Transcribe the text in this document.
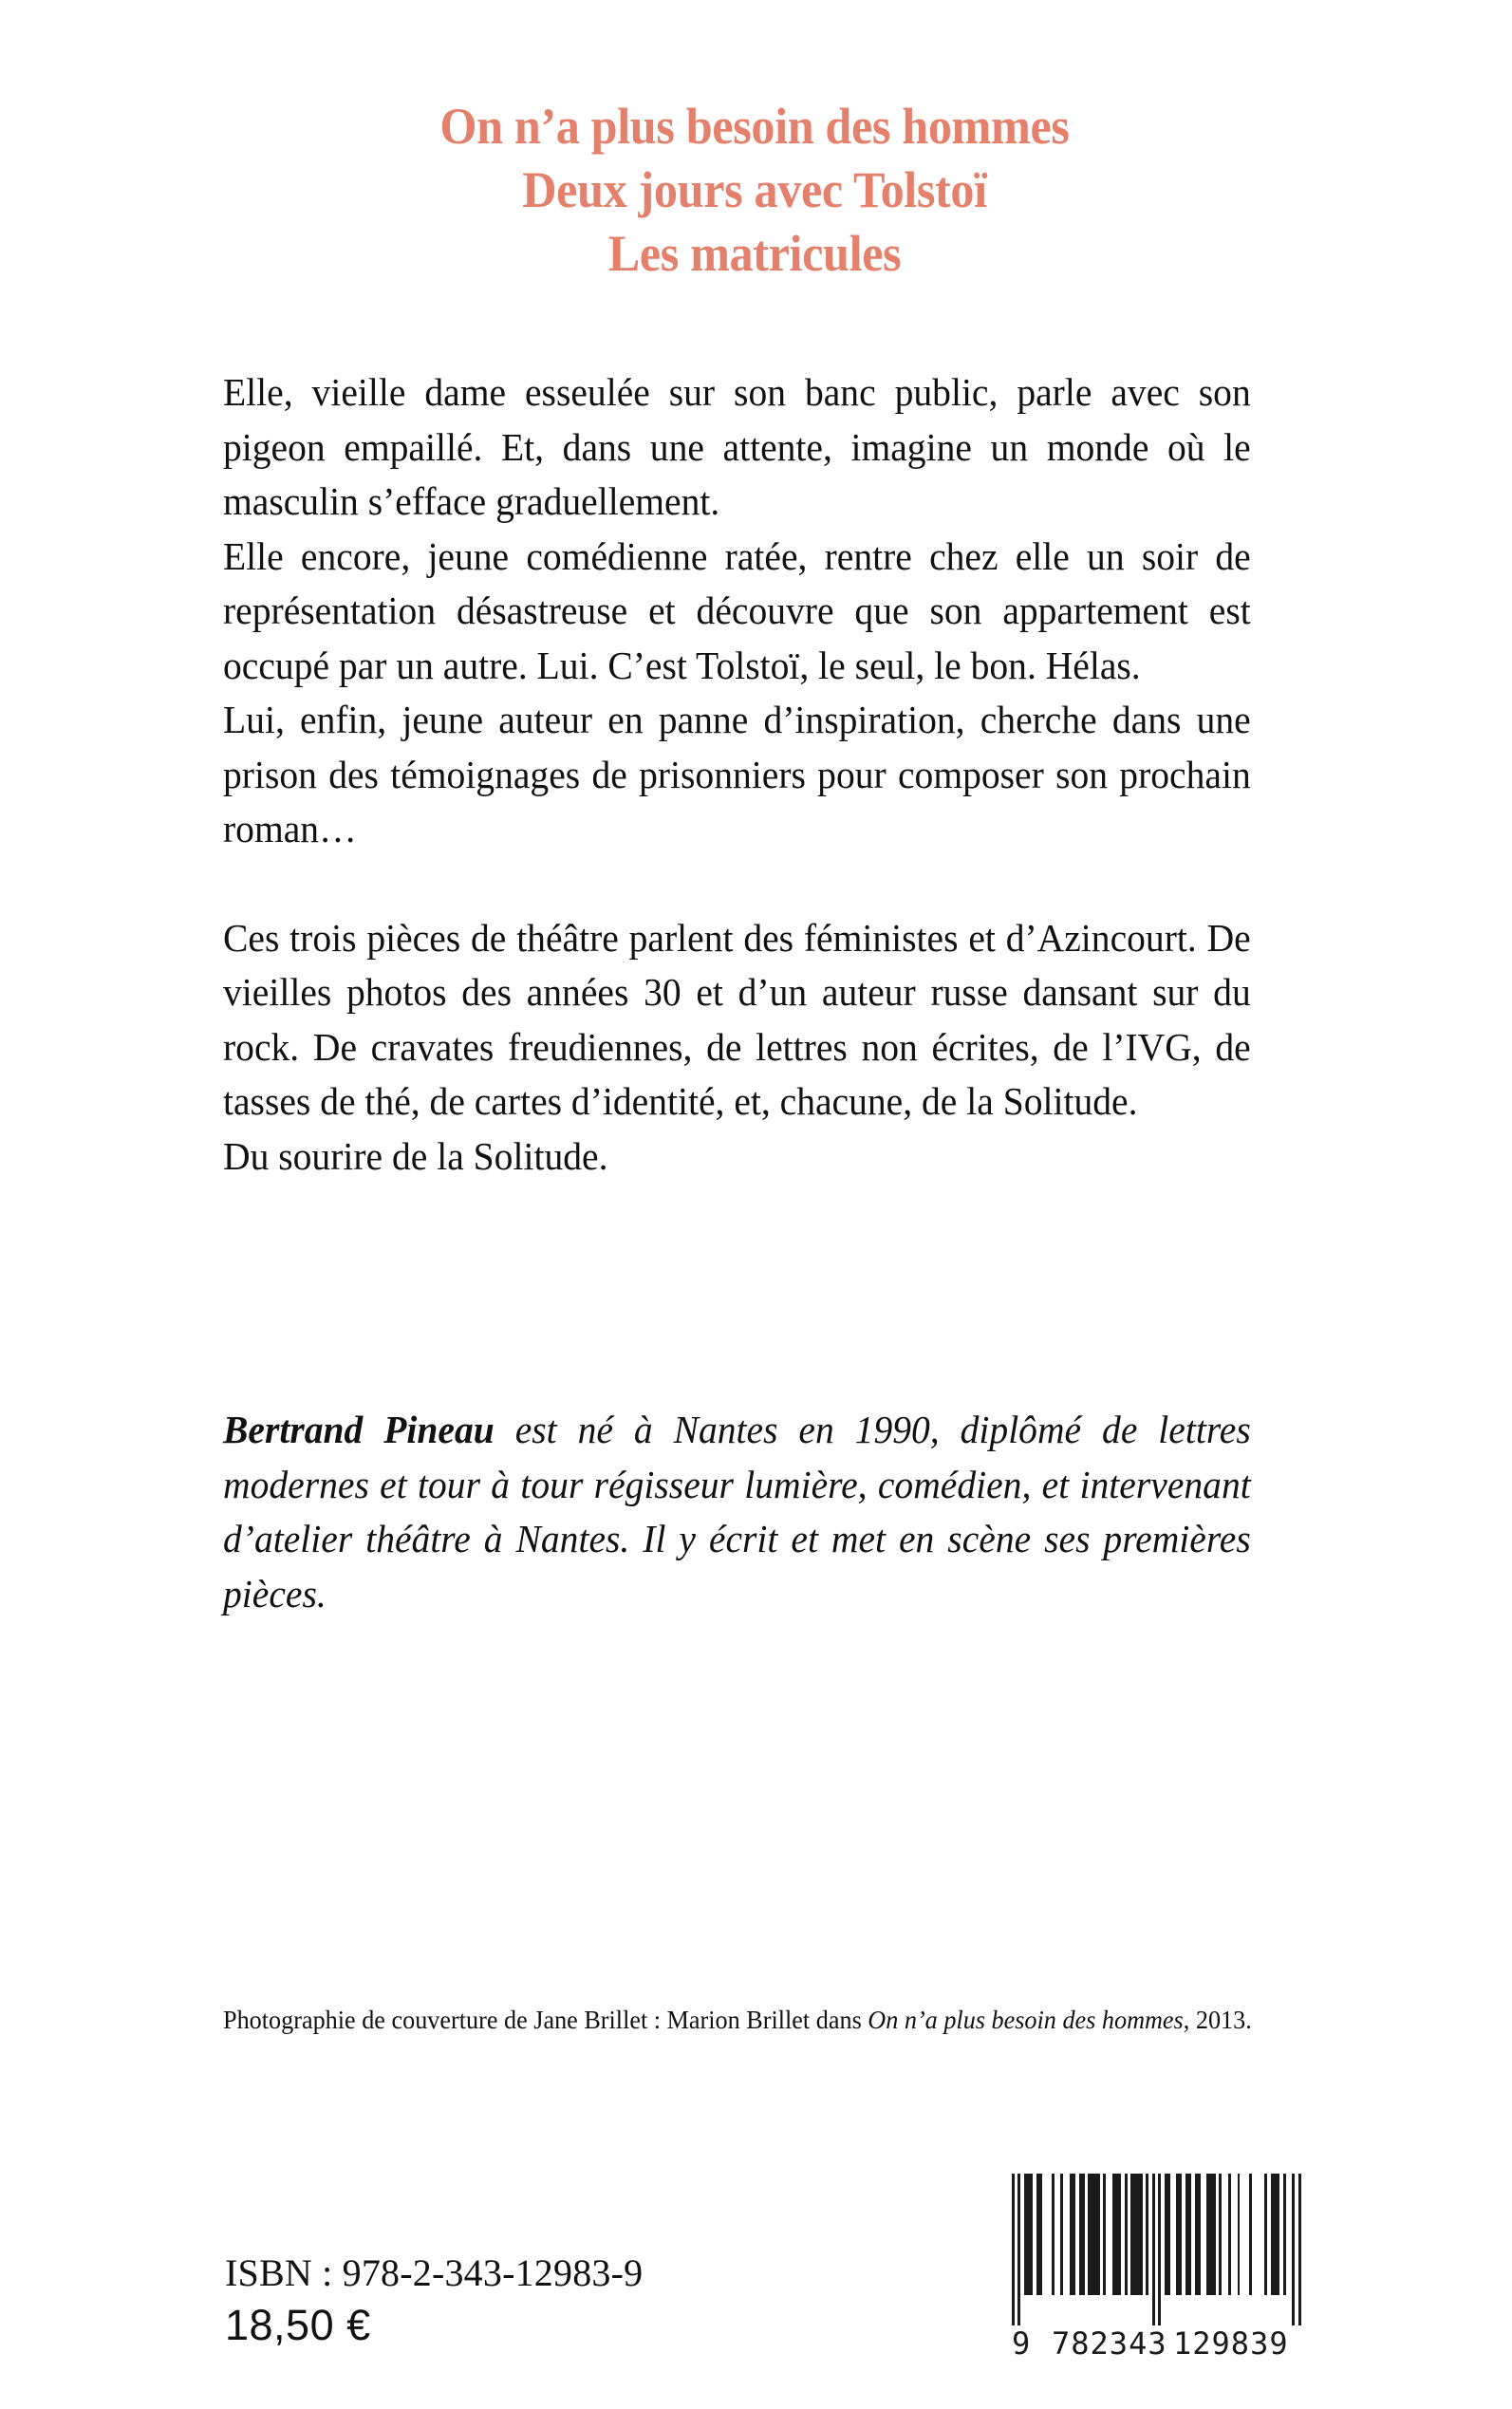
On n’a plus besoin des hommes
Deux jours avec Tolstoï
Les matricules

Elle, vieille dame esseulée sur son banc public, parle avec son pigeon empaillé. Et, dans une attente, imagine un monde où le masculin s’efface graduellement.

Elle encore, jeune comédienne ratée, rentre chez elle un soir de représentation désastreuse et découvre que son appartement est occupé par un autre. Lui. C’est Tolstoï, le seul, le bon. Hélas.

Lui, enfin, jeune auteur en panne d’inspiration, cherche dans une prison des témoignages de prisonniers pour composer son prochain roman…

Ces trois pièces de théâtre parlent des féministes et d’Azincourt. De vieilles photos des années 30 et d’un auteur russe dansant sur du rock. De cravates freudiennes, de lettres non écrites, de l’IVG, de tasses de thé, de cartes d’identité, et, chacune, de la Solitude.

Du sourire de la Solitude.

Bertrand Pineau est né à Nantes en 1990, diplômé de lettres modernes et tour à tour régisseur lumière, comédien, et intervenant d’atelier théâtre à Nantes. Il y écrit et met en scène ses premières pièces.

Photographie de couverture de Jane Brillet : Marion Brillet dans On n’a plus besoin des hommes, 2013.

ISBN : 978-2-343-12983-9
18,50 €	9 782343 129839
